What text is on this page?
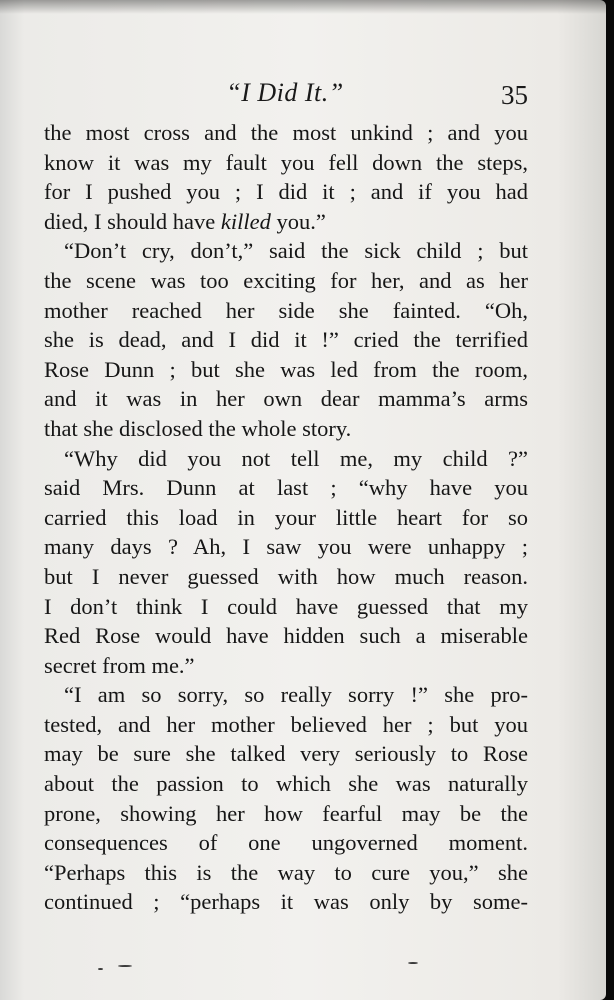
“I Did It.”	35
the most cross and the most unkind ; and you
know it was my fault you fell down the steps,
for I pushed you ; I did it ; and if you had
died, I should have killed you.”
“Don’t cry, don’t,” said the sick child ; but
the scene was too exciting for her, and as her
mother reached her side she fainted. “Oh,
she is dead, and I did it !” cried the terrified
Rose Dunn ; but she was led from the room,
and it was in her own dear mamma’s arms
that she disclosed the whole story.
“Why did you not tell me, my child ?”
said Mrs. Dunn at last ; “why have you
carried this load in your little heart for so
many days ? Ah, I saw you were unhappy ;
but I never guessed with how much reason.
I don’t think I could have guessed that my
Red Rose would have hidden such a miserable
secret from me.”
“I am so sorry, so really sorry !” she pro-
tested, and her mother believed her ; but you
may be sure she talked very seriously to Rose
about the passion to which she was naturally
prone, showing her how fearful may be the
consequences of one ungoverned moment.
“Perhaps this is the way to cure you,” she
continued ; “perhaps it was only by some-
